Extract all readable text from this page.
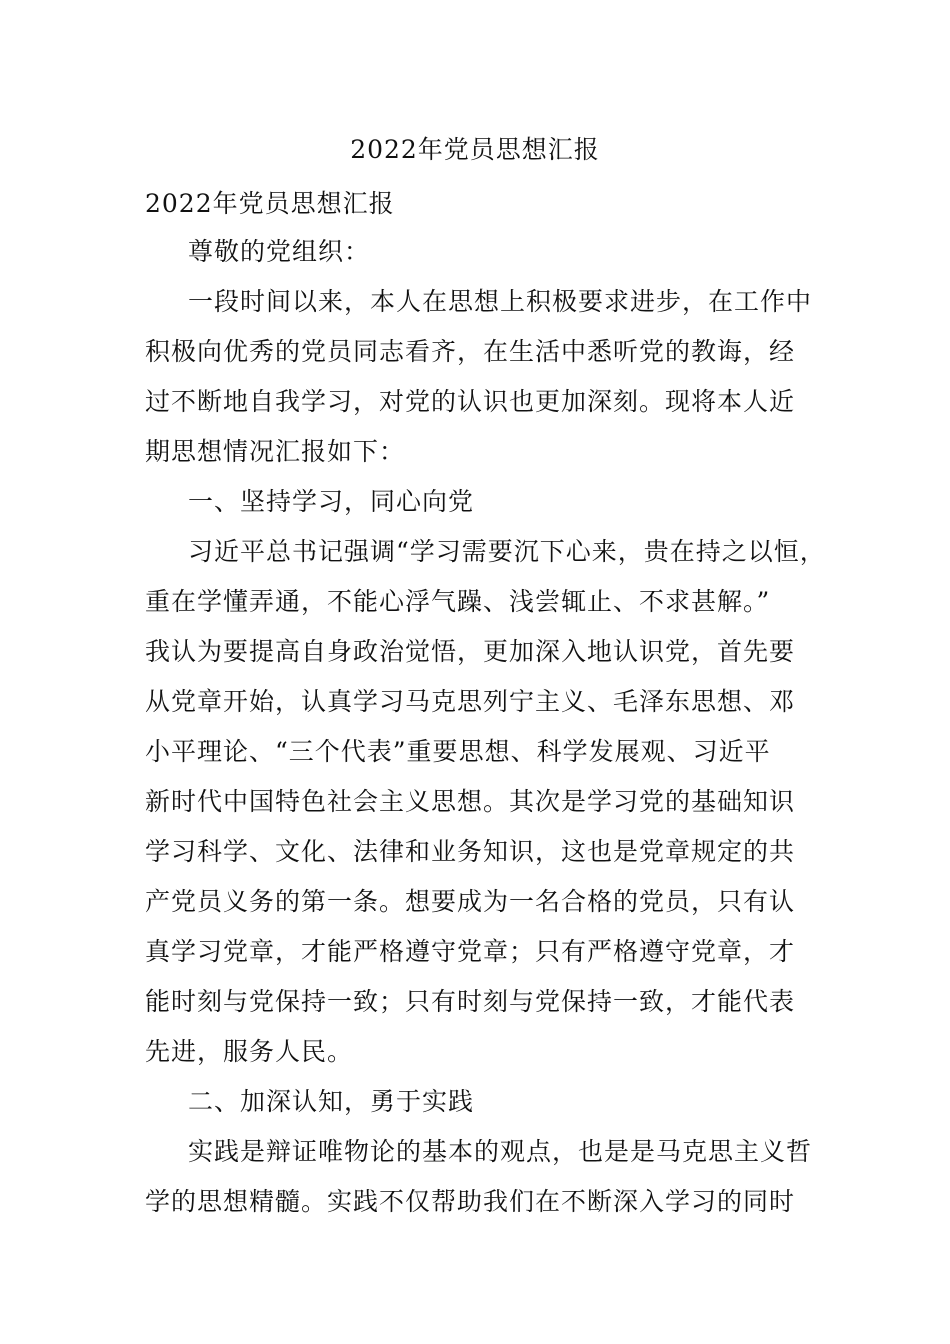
2022年党员思想汇报
2022年党员思想汇报
尊敬的党组织：
一段时间以来，本人在思想上积极要求进步，在工作中
积极向优秀的党员同志看齐，在生活中悉听党的教诲，经
过不断地自我学习，对党的认识也更加深刻。现将本人近
期思想情况汇报如下：
一、坚持学习，同心向党
习近平总书记强调“学习需要沉下心来，贵在持之以恒，
重在学懂弄通，不能心浮气躁、浅尝辄止、不求甚解。”
我认为要提高自身政治觉悟，更加深入地认识党，首先要
从党章开始，认真学习马克思列宁主义、毛泽东思想、邓
小平理论、“三个代表”重要思想、科学发展观、习近平
新时代中国特色社会主义思想。其次是学习党的基础知识
学习科学、文化、法律和业务知识，这也是党章规定的共
产党员义务的第一条。想要成为一名合格的党员，只有认
真学习党章，才能严格遵守党章；只有严格遵守党章，才
能时刻与党保持一致；只有时刻与党保持一致，才能代表
先进，服务人民。
二、加深认知，勇于实践
实践是辩证唯物论的基本的观点，也是是马克思主义哲
学的思想精髓。实践不仅帮助我们在不断深入学习的同时
